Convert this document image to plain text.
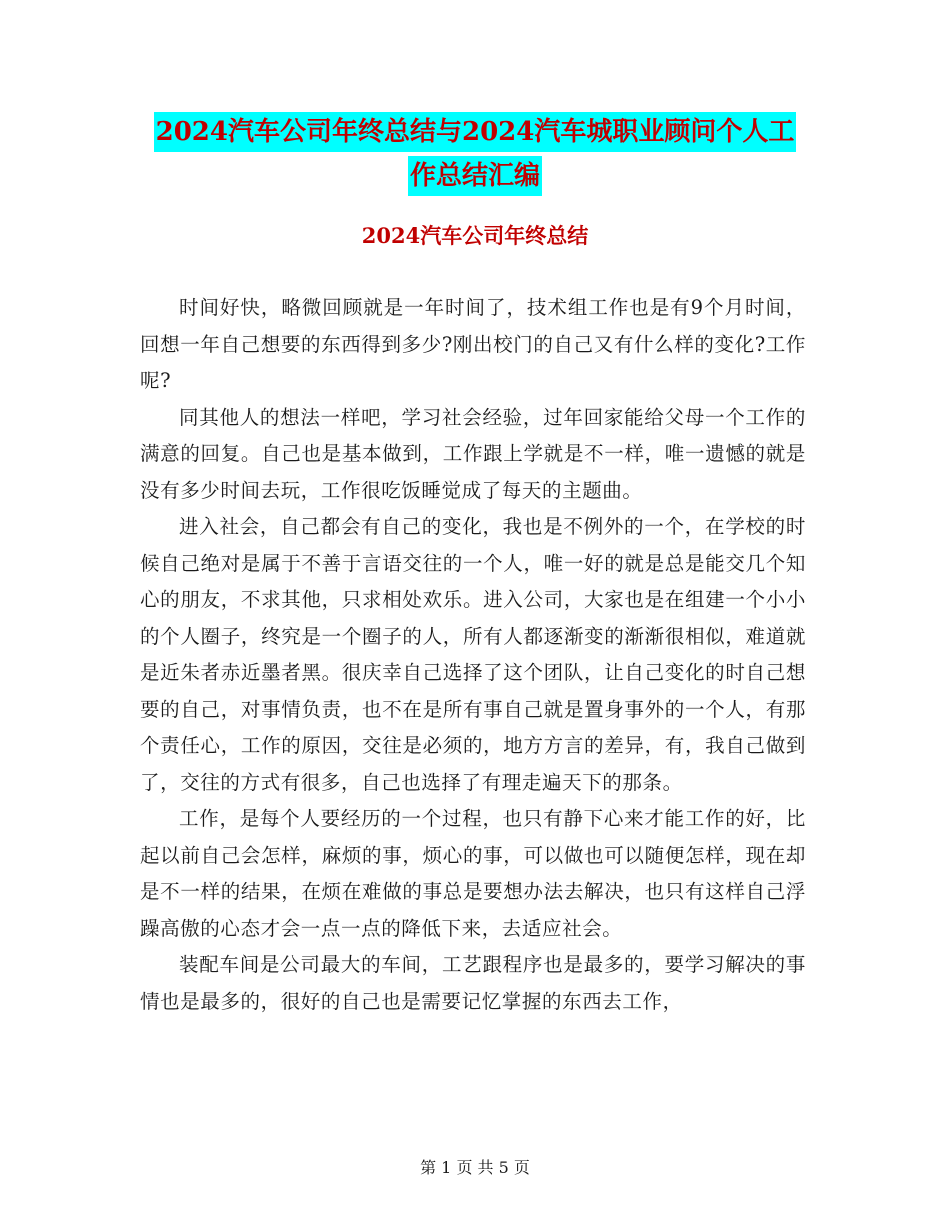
2024汽车公司年终总结与2024汽车城职业顾问个人工
作总结汇编
2024汽车公司年终总结

时间好快，略微回顾就是一年时间了，技术组工作也是有9个月时间，回想一年自己想要的东西得到多少?刚出校门的自己又有什么样的变化?工作呢?

同其他人的想法一样吧，学习社会经验，过年回家能给父母一个工作的满意的回复。自己也是基本做到，工作跟上学就是不一样，唯一遗憾的就是没有多少时间去玩，工作很吃饭睡觉成了每天的主题曲。

进入社会，自己都会有自己的变化，我也是不例外的一个，在学校的时候自己绝对是属于不善于言语交往的一个人，唯一好的就是总是能交几个知心的朋友，不求其他，只求相处欢乐。进入公司，大家也是在组建一个小小的个人圈子，终究是一个圈子的人，所有人都逐渐变的渐渐很相似，难道就是近朱者赤近墨者黑。很庆幸自己选择了这个团队，让自己变化的时自己想要的自己，对事情负责，也不在是所有事自己就是置身事外的一个人，有那个责任心，工作的原因，交往是必须的，地方方言的差异，有，我自己做到了，交往的方式有很多，自己也选择了有理走遍天下的那条。

工作，是每个人要经历的一个过程，也只有静下心来才能工作的好，比起以前自己会怎样，麻烦的事，烦心的事，可以做也可以随便怎样，现在却是不一样的结果，在烦在难做的事总是要想办法去解决，也只有这样自己浮躁高傲的心态才会一点一点的降低下来，去适应社会。

装配车间是公司最大的车间，工艺跟程序也是最多的，要学习解决的事情也是最多的，很好的自己也是需要记忆掌握的东西去工作，

第 1 页 共 5 页
